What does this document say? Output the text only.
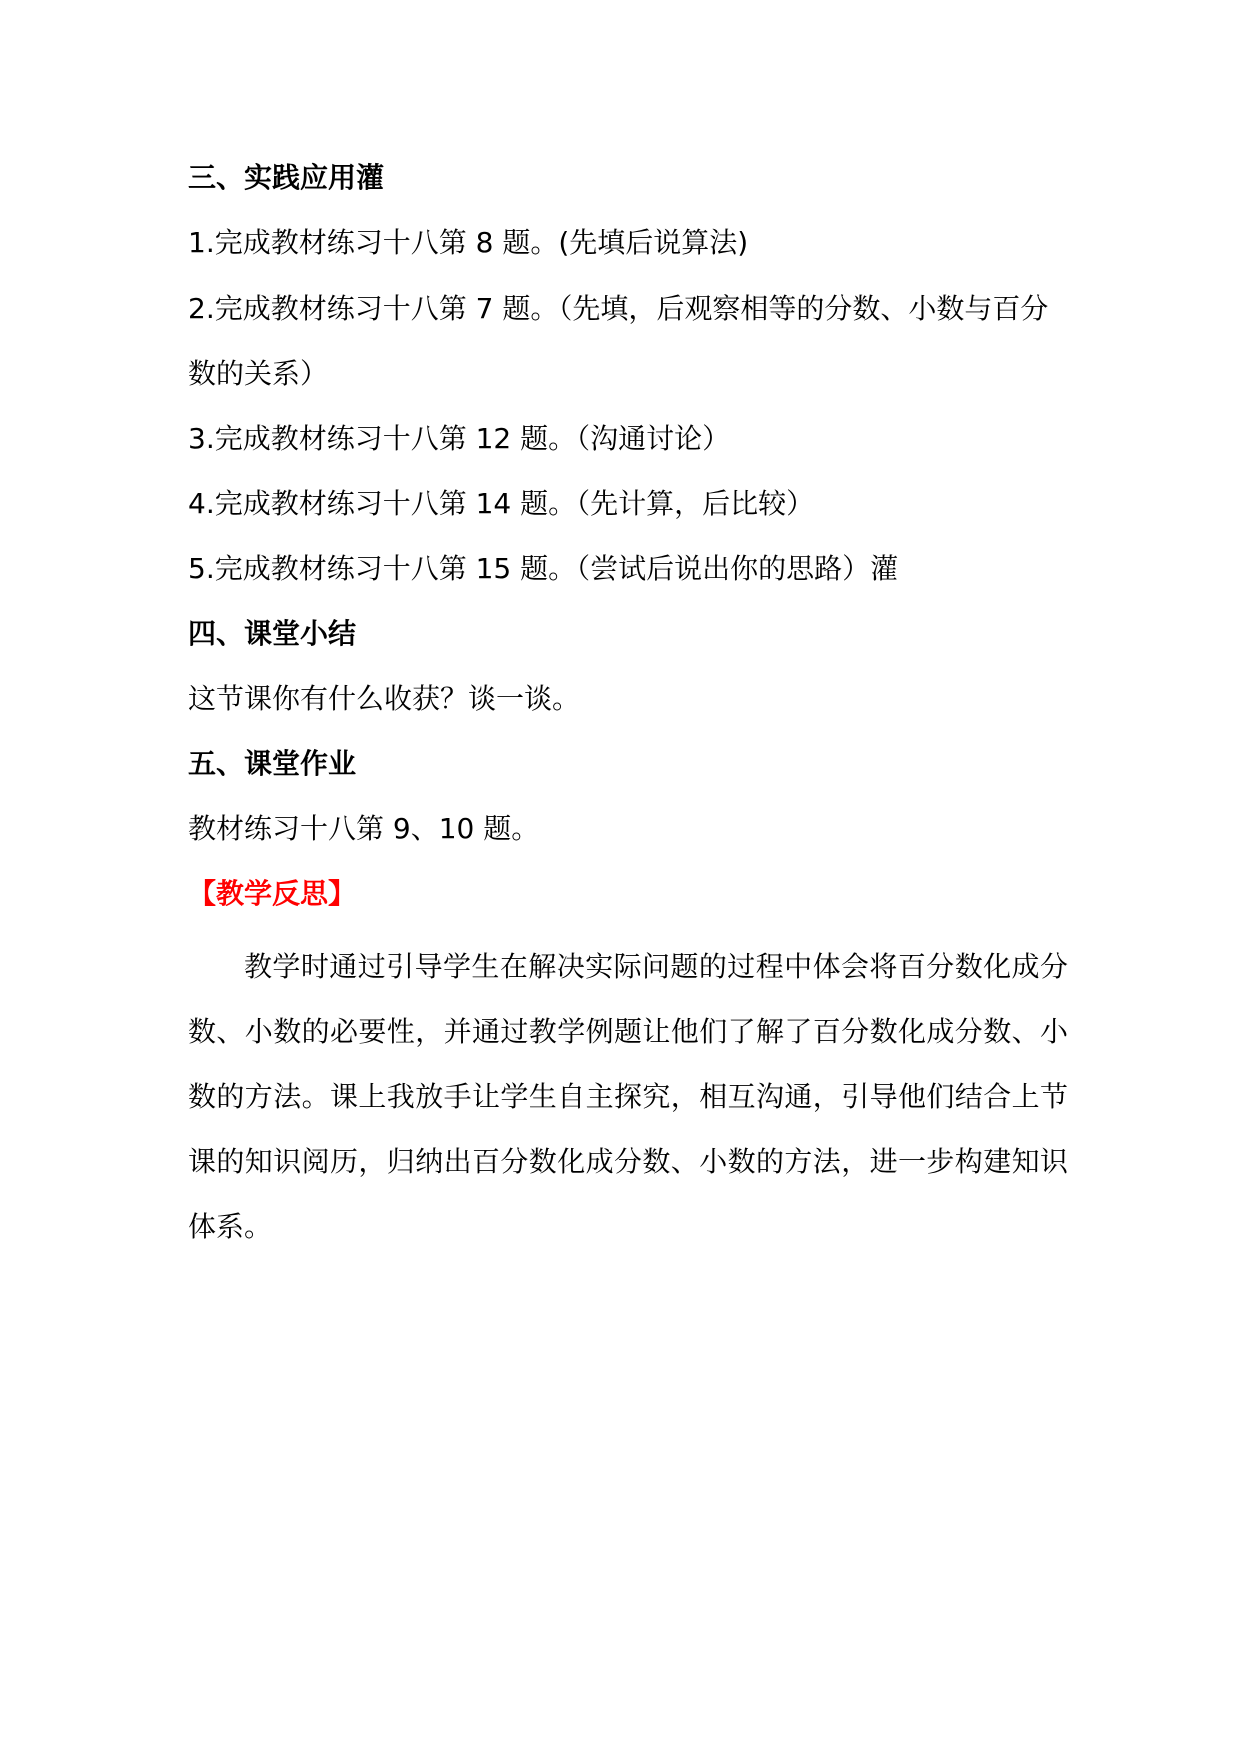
三、实践应用灌
1.完成教材练习十八第 8 题。(先填后说算法)
2.完成教材练习十八第 7 题。（先填，后观察相等的分数、小数与百分数的关系）
3.完成教材练习十八第 12 题。（沟通讨论）
4.完成教材练习十八第 14 题。（先计算，后比较）
5.完成教材练习十八第 15 题。（尝试后说出你的思路）灌
四、课堂小结
这节课你有什么收获？谈一谈。
五、课堂作业
教材练习十八第 9、10 题。
【教学反思】

教学时通过引导学生在解决实际问题的过程中体会将百分数化成分数、小数的必要性，并通过教学例题让他们了解了百分数化成分数、小数的方法。课上我放手让学生自主探究，相互沟通，引导他们结合上节课的知识阅历，归纳出百分数化成分数、小数的方法，进一步构建知识体系。
